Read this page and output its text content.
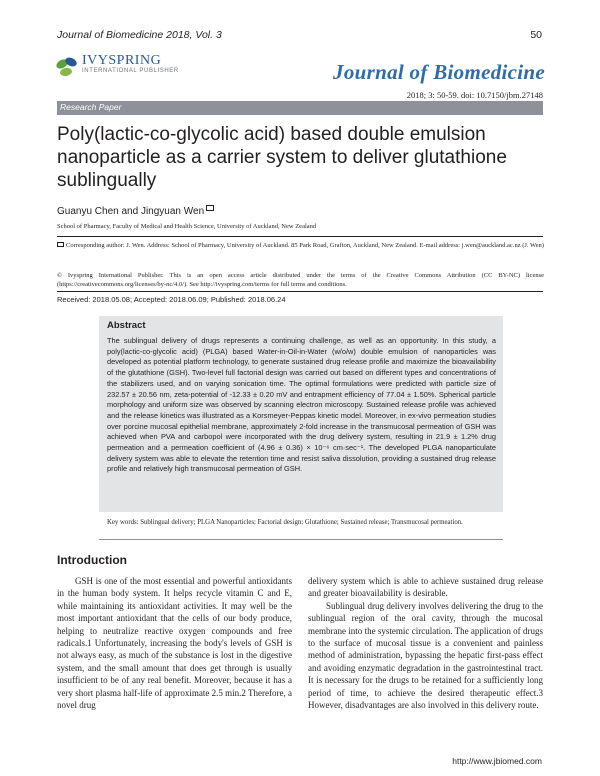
Journal of Biomedicine 2018, Vol. 3	50
IVYSPRING
INTERNATIONAL PUBLISHER	Journal of Biomedicine
2018; 3: 50-59. doi: 10.7150/jbm.27148
Research Paper
Poly(lactic-co-glycolic acid) based double emulsion nanoparticle as a carrier system to deliver glutathione sublingually
Guanyu Chen and Jingyuan Wen
School of Pharmacy, Faculty of Medical and Health Science, University of Auckland, New Zealand
Corresponding author: J. Wen. Address: School of Pharmacy, University of Auckland. 85 Park Road, Grafton, Auckland, New Zealand. E-mail address: j.wen@auckland.ac.nz (J. Wen)
© Ivyspring International Publisher. This is an open access article distributed under the terms of the Creative Commons Attribution (CC BY-NC) license (https://creativecommons.org/licenses/by-nc/4.0/). See http://ivyspring.com/terms for full terms and conditions.
Received: 2018.05.08; Accepted: 2018.06.09; Published: 2018.06.24
Abstract
The sublingual delivery of drugs represents a continuing challenge, as well as an opportunity. In this study, a poly(lactic-co-glycolic acid) (PLGA) based Water-in-Oil-in-Water (w/o/w) double emulsion of nanoparticles was developed as potential platform technology, to generate sustained drug release profile and maximize the bioavailability of the glutathione (GSH). Two-level full factorial design was carried out based on different types and concentrations of the stabilizers used, and on varying sonication time. The optimal formulations were predicted with particle size of 232.57 ± 20.56 nm, zeta-potential of -12.33 ± 0.20 mV and entrapment efficiency of 77.04 ± 1.50%. Spherical particle morphology and uniform size was observed by scanning electron microscopy. Sustained release profile was achieved and the release kinetics was illustrated as a Korsmeyer-Peppas kinetic model. Moreover, in ex-vivo permeation studies over porcine mucosal epithelial membrane, approximately 2-fold increase in the transmucosal permeation of GSH was achieved when PVA and carbopol were incorporated with the drug delivery system, resulting in 21.9 ± 1.2% drug permeation and a permeation coefficient of (4.96 ± 0.36) × 10⁻⁶ cm·sec⁻¹. The developed PLGA nanoparticulate delivery system was able to elevate the retention time and resist saliva dissolution, providing a sustained drug release profile and relatively high transmucosal permeation of GSH.
Key words: Sublingual delivery; PLGA Nanoparticles; Factorial design; Glutathione; Sustained release; Transmucosal permeation.
Introduction

GSH is one of the most essential and powerful antioxidants in the human body system. It helps recycle vitamin C and E, while maintaining its antioxidant activities. It may well be the most important antioxidant that the cells of our body produce, helping to neutralize reactive oxygen compounds and free radicals.1 Unfortunately, increasing the body's levels of GSH is not always easy, as much of the substance is lost in the digestive system, and the small amount that does get through is usually insufficient to be of any real benefit. Moreover, because it has a very short plasma half-life of approximate 2.5 min.2 Therefore, a novel drug

delivery system which is able to achieve sustained drug release and greater bioavailability is desirable.

Sublingual drug delivery involves delivering the drug to the sublingual region of the oral cavity, through the mucosal membrane into the systemic circulation. The application of drugs to the surface of mucosal tissue is a convenient and painless method of administration, bypassing the hepatic first-pass effect and avoiding enzymatic degradation in the gastrointestinal tract. It is necessary for the drugs to be retained for a sufficiently long period of time, to achieve the desired therapeutic effect.3 However, disadvantages are also involved in this delivery route.

http://www.jbiomed.com
